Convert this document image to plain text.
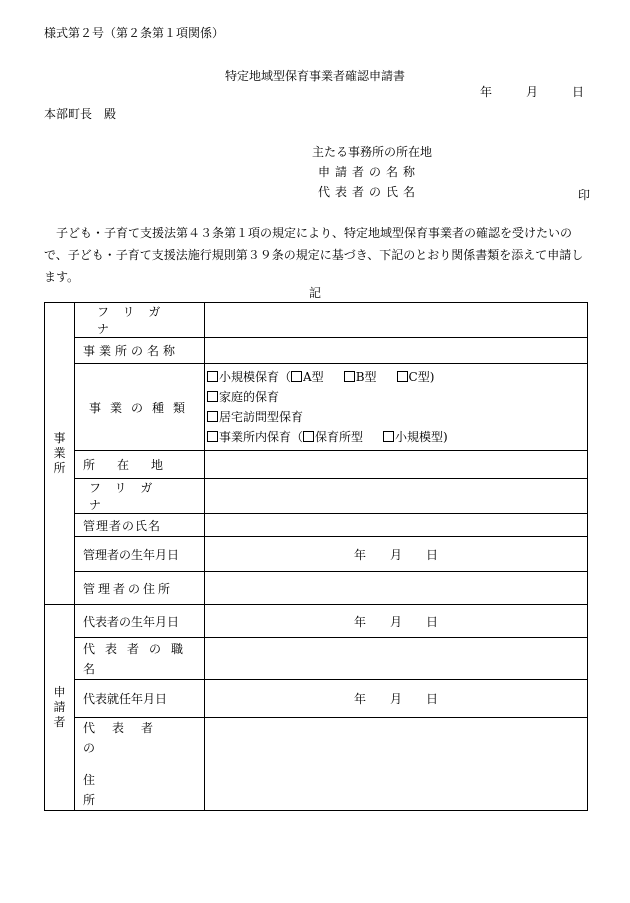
様式第２号（第２条第１項関係）
特定地域型保育事業者確認申請書
年	月	日
本部町長　殿
主たる事務所の所在地
申請者の名称
代表者の氏名	印
子ども・子育て支援法第４３条第１項の規定により、特定地域型保育事業者の確認を受けたいので、子ども・子育て支援法施行規則第３９条の規定に基づき、下記のとおり関係書類を添えて申請します。
記
事業所	フリガナ	

	事業所の名称	
	事業の種類	小規模保育（ A型 B型 C型)
家庭的保育
居宅訪問型保育
事業所内保育（ 保育所型 小規模型)

	所在地	

	フリガナ	

	管理者の氏名	
	管理者の生年月日	年 月 日
	管理者の住所	
申請者	代表者の生年月日	年 月 日
	代表者の職名	
	代表就任年月日	年 月 日

	代表者の
住所	
